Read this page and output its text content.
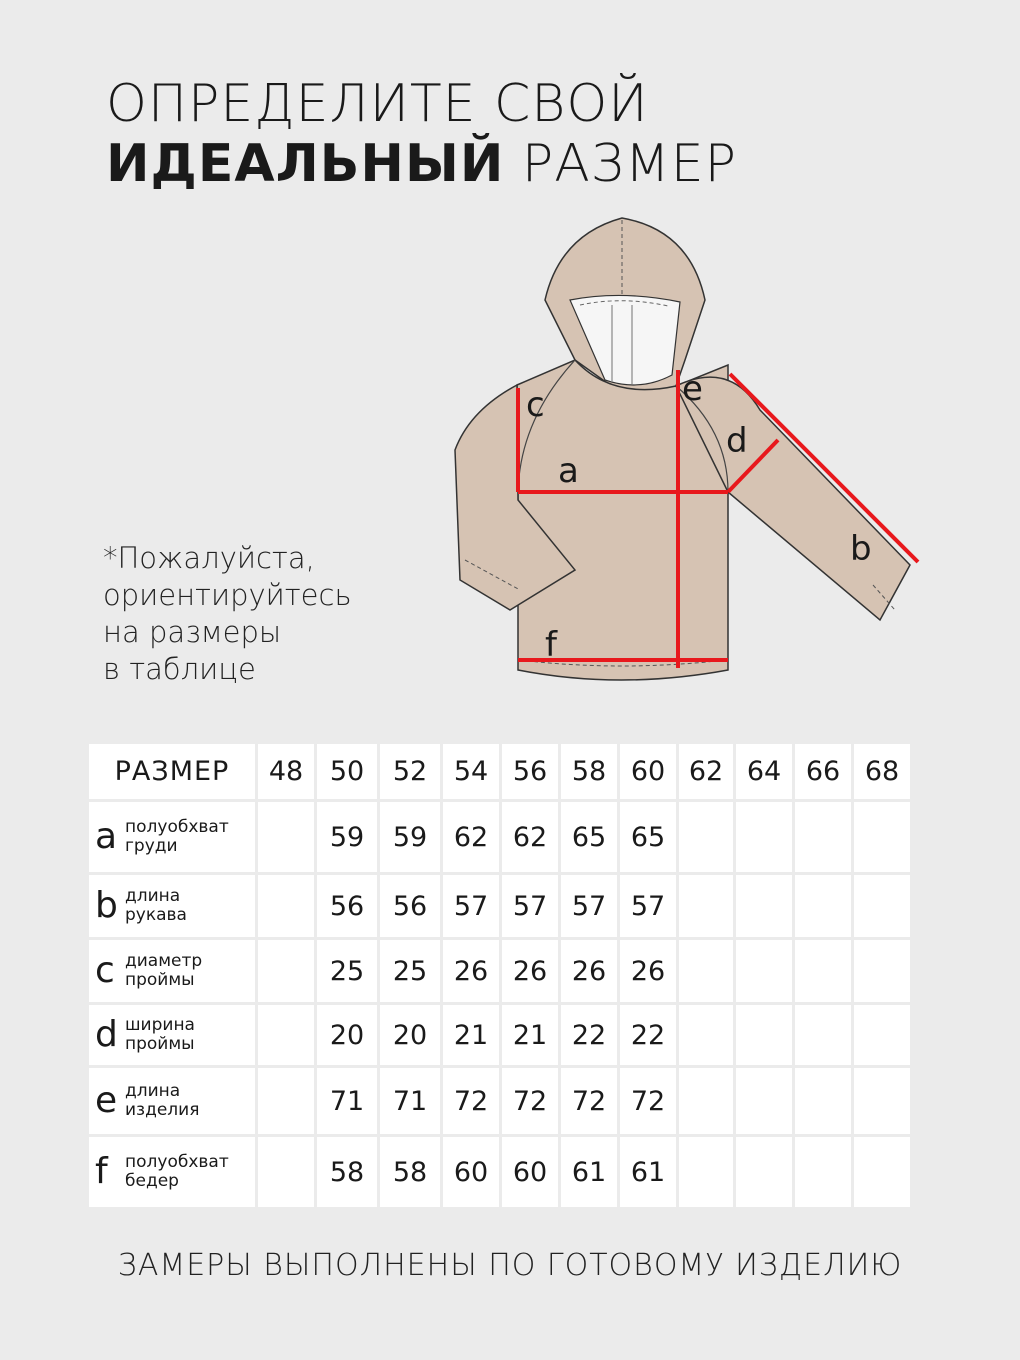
ОПРЕДЕЛИТЕ СВОЙ
ИДЕАЛЬНЫЙ РАЗМЕР
c
a
e
d
b
f
*Пожалуйста,
ориентируйтесь
на размеры
в таблице
РАЗМЕР	48	50	52	54	56	58	60	62	64	66	68

a полуобхват
груди		59	59	62	62	65	65				

b длина
рукава		56	56	57	57	57	57				

c диаметр
проймы		25	25	26	26	26	26				

d ширина
проймы		20	20	21	21	22	22				

e длина
изделия		71	71	72	72	72	72				

f полуобхват
бедер		58	58	60	60	61	61				
ЗАМЕРЫ ВЫПОЛНЕНЫ ПО ГОТОВОМУ ИЗДЕЛИЮ
